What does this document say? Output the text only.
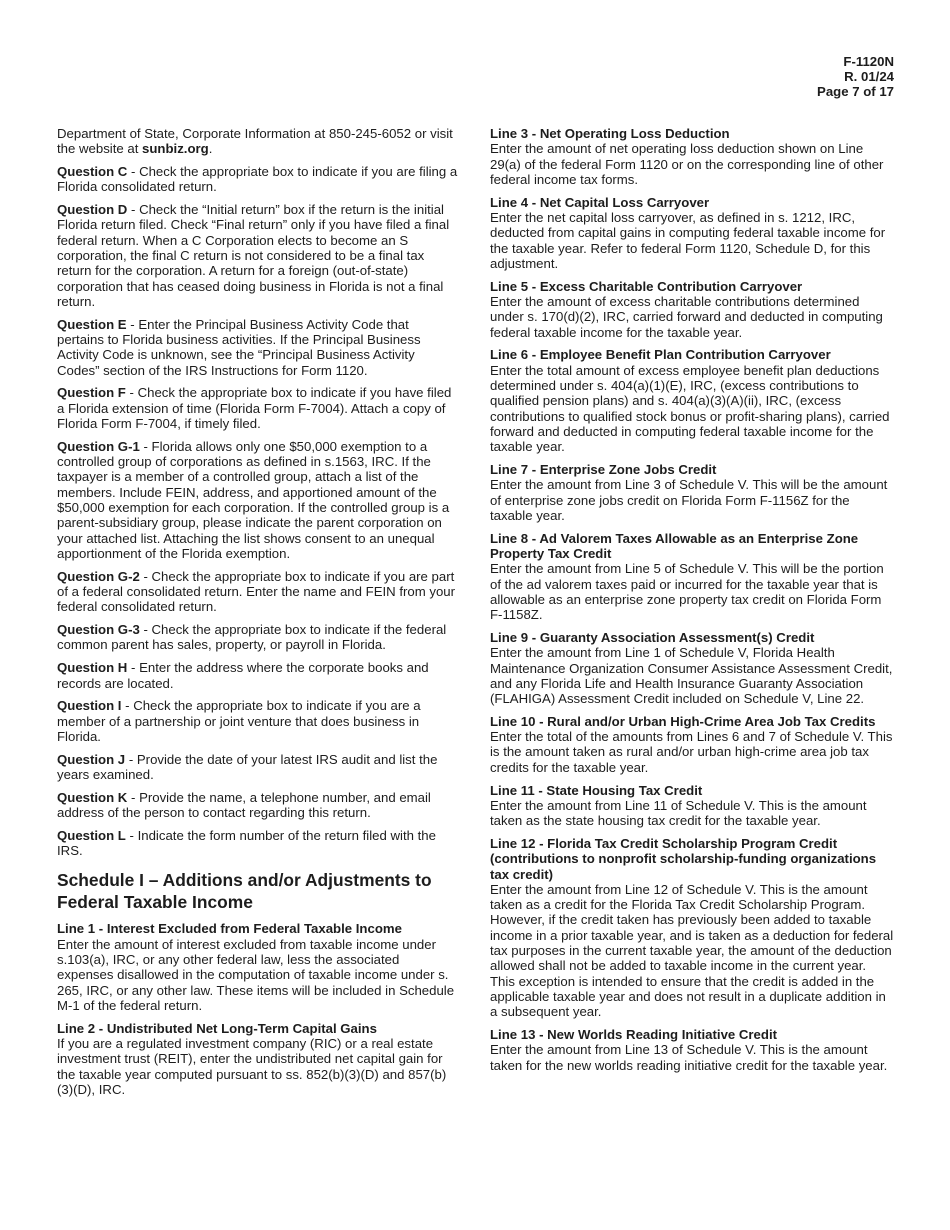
F-1120N
R. 01/24
Page 7 of 17

Department of State, Corporate Information at 850-245-6052 or visit the website at sunbiz.org.

Question C - Check the appropriate box to indicate if you are filing a Florida consolidated return.

Question D - Check the “Initial return” box if the return is the initial Florida return filed. Check “Final return” only if you have filed a final federal return. When a C Corporation elects to become an S corporation, the final C return is not considered to be a final tax return for the corporation. A return for a foreign (out-of-state) corporation that has ceased doing business in Florida is not a final return.

Question E - Enter the Principal Business Activity Code that pertains to Florida business activities. If the Principal Business Activity Code is unknown, see the “Principal Business Activity Codes” section of the IRS Instructions for Form 1120.

Question F - Check the appropriate box to indicate if you have filed a Florida extension of time (Florida Form F-7004). Attach a copy of Florida Form F-7004, if timely filed.

Question G-1 - Florida allows only one $50,000 exemption to a controlled group of corporations as defined in s.1563, IRC. If the taxpayer is a member of a controlled group, attach a list of the members. Include FEIN, address, and apportioned amount of the $50,000 exemption for each corporation. If the controlled group is a parent-subsidiary group, please indicate the parent corporation on your attached list. Attaching the list shows consent to an unequal apportionment of the Florida exemption.

Question G-2 - Check the appropriate box to indicate if you are part of a federal consolidated return. Enter the name and FEIN from your federal consolidated return.

Question G-3 - Check the appropriate box to indicate if the federal common parent has sales, property, or payroll in Florida.

Question H - Enter the address where the corporate books and records are located.

Question I - Check the appropriate box to indicate if you are a member of a partnership or joint venture that does business in Florida.

Question J - Provide the date of your latest IRS audit and list the years examined.

Question K - Provide the name, a telephone number, and email address of the person to contact regarding this return.

Question L - Indicate the form number of the return filed with the IRS.

Schedule I – Additions and/or Adjustments to Federal Taxable Income

Line 1 - Interest Excluded from Federal Taxable Income

Enter the amount of interest excluded from taxable income under s.103(a), IRC, or any other federal law, less the associated expenses disallowed in the computation of taxable income under s. 265, IRC, or any other law. These items will be included in Schedule M-1 of the federal return.

Line 2 - Undistributed Net Long-Term Capital Gains

If you are a regulated investment company (RIC) or a real estate investment trust (REIT), enter the undistributed net capital gain for the taxable year computed pursuant to ss. 852(b)(3)(D) and 857(b)(3)(D), IRC.

Line 3 - Net Operating Loss Deduction

Enter the amount of net operating loss deduction shown on Line 29(a) of the federal Form 1120 or on the corresponding line of other federal income tax forms.

Line 4 - Net Capital Loss Carryover

Enter the net capital loss carryover, as defined in s. 1212, IRC, deducted from capital gains in computing federal taxable income for the taxable year. Refer to federal Form 1120, Schedule D, for this adjustment.

Line 5 - Excess Charitable Contribution Carryover

Enter the amount of excess charitable contributions determined under s. 170(d)(2), IRC, carried forward and deducted in computing federal taxable income for the taxable year.

Line 6 - Employee Benefit Plan Contribution Carryover

Enter the total amount of excess employee benefit plan deductions determined under s. 404(a)(1)(E), IRC, (excess contributions to qualified pension plans) and s. 404(a)(3)(A)(ii), IRC, (excess contributions to qualified stock bonus or profit-sharing plans), carried forward and deducted in computing federal taxable income for the taxable year.

Line 7 - Enterprise Zone Jobs Credit

Enter the amount from Line 3 of Schedule V. This will be the amount of enterprise zone jobs credit on Florida Form F-1156Z for the taxable year.

Line 8 - Ad Valorem Taxes Allowable as an Enterprise Zone Property Tax Credit

Enter the amount from Line 5 of Schedule V. This will be the portion of the ad valorem taxes paid or incurred for the taxable year that is allowable as an enterprise zone property tax credit on Florida Form F-1158Z.

Line 9 - Guaranty Association Assessment(s) Credit

Enter the amount from Line 1 of Schedule V, Florida Health Maintenance Organization Consumer Assistance Assessment Credit, and any Florida Life and Health Insurance Guaranty Association (FLAHIGA) Assessment Credit included on Schedule V, Line 22.

Line 10 - Rural and/or Urban High-Crime Area Job Tax Credits

Enter the total of the amounts from Lines 6 and 7 of Schedule V. This is the amount taken as rural and/or urban high-crime area job tax credits for the taxable year.

Line 11 - State Housing Tax Credit

Enter the amount from Line 11 of Schedule V. This is the amount taken as the state housing tax credit for the taxable year.

Line 12 - Florida Tax Credit Scholarship Program Credit (contributions to nonprofit scholarship-funding organizations tax credit)

Enter the amount from Line 12 of Schedule V. This is the amount taken as a credit for the Florida Tax Credit Scholarship Program. However, if the credit taken has previously been added to taxable income in a prior taxable year, and is taken as a deduction for federal tax purposes in the current taxable year, the amount of the deduction allowed shall not be added to taxable income in the current year. This exception is intended to ensure that the credit is added in the applicable taxable year and does not result in a duplicate addition in a subsequent year.

Line 13 - New Worlds Reading Initiative Credit

Enter the amount from Line 13 of Schedule V. This is the amount taken for the new worlds reading initiative credit for the taxable year.
